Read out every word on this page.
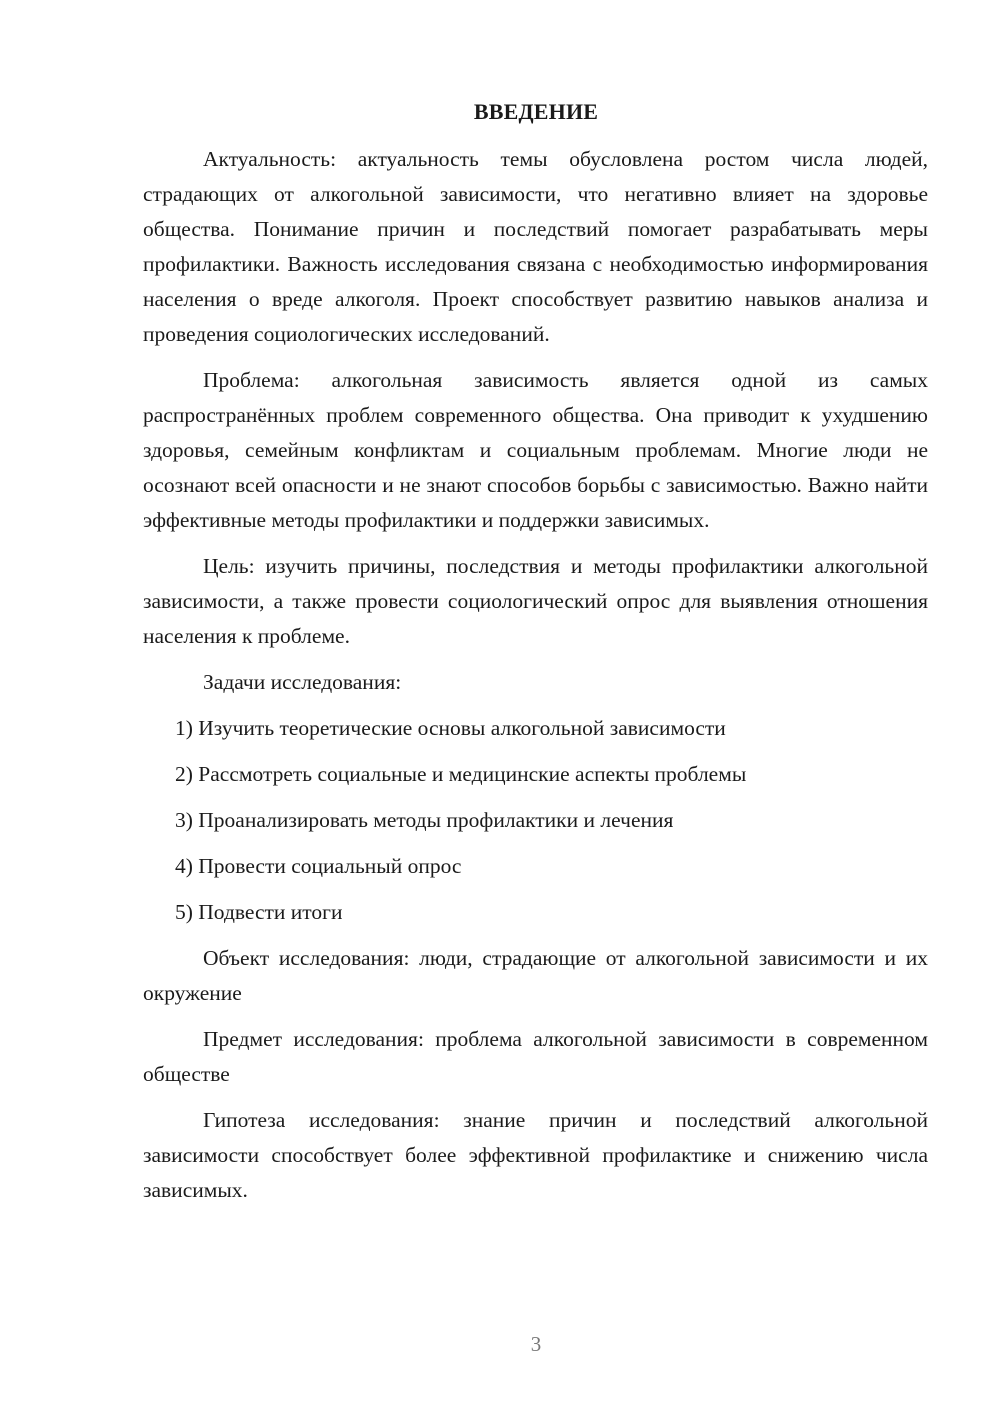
ВВЕДЕНИЕ

Актуальность: актуальность темы обусловлена ростом числа людей, страдающих от алкогольной зависимости, что негативно влияет на здоровье общества. Понимание причин и последствий помогает разрабатывать меры профилактики. Важность исследования связана с необходимостью информирования населения о вреде алкоголя. Проект способствует развитию навыков анализа и проведения социологических исследований.

Проблема: алкогольная зависимость является одной из самых распространённых проблем современного общества. Она приводит к ухудшению здоровья, семейным конфликтам и социальным проблемам. Многие люди не осознают всей опасности и не знают способов борьбы с зависимостью. Важно найти эффективные методы профилактики и поддержки зависимых.

Цель: изучить причины, последствия и методы профилактики алкогольной зависимости, а также провести социологический опрос для выявления отношения населения к проблеме.

Задачи исследования:

1) Изучить теоретические основы алкогольной зависимости
2) Рассмотреть социальные и медицинские аспекты проблемы
3) Проанализировать методы профилактики и лечения
4) Провести социальный опрос
5) Подвести итоги

Объект исследования: люди, страдающие от алкогольной зависимости и их окружение

Предмет исследования: проблема алкогольной зависимости в современном обществе

Гипотеза исследования: знание причин и последствий алкогольной зависимости способствует более эффективной профилактике и снижению числа зависимых.

3
